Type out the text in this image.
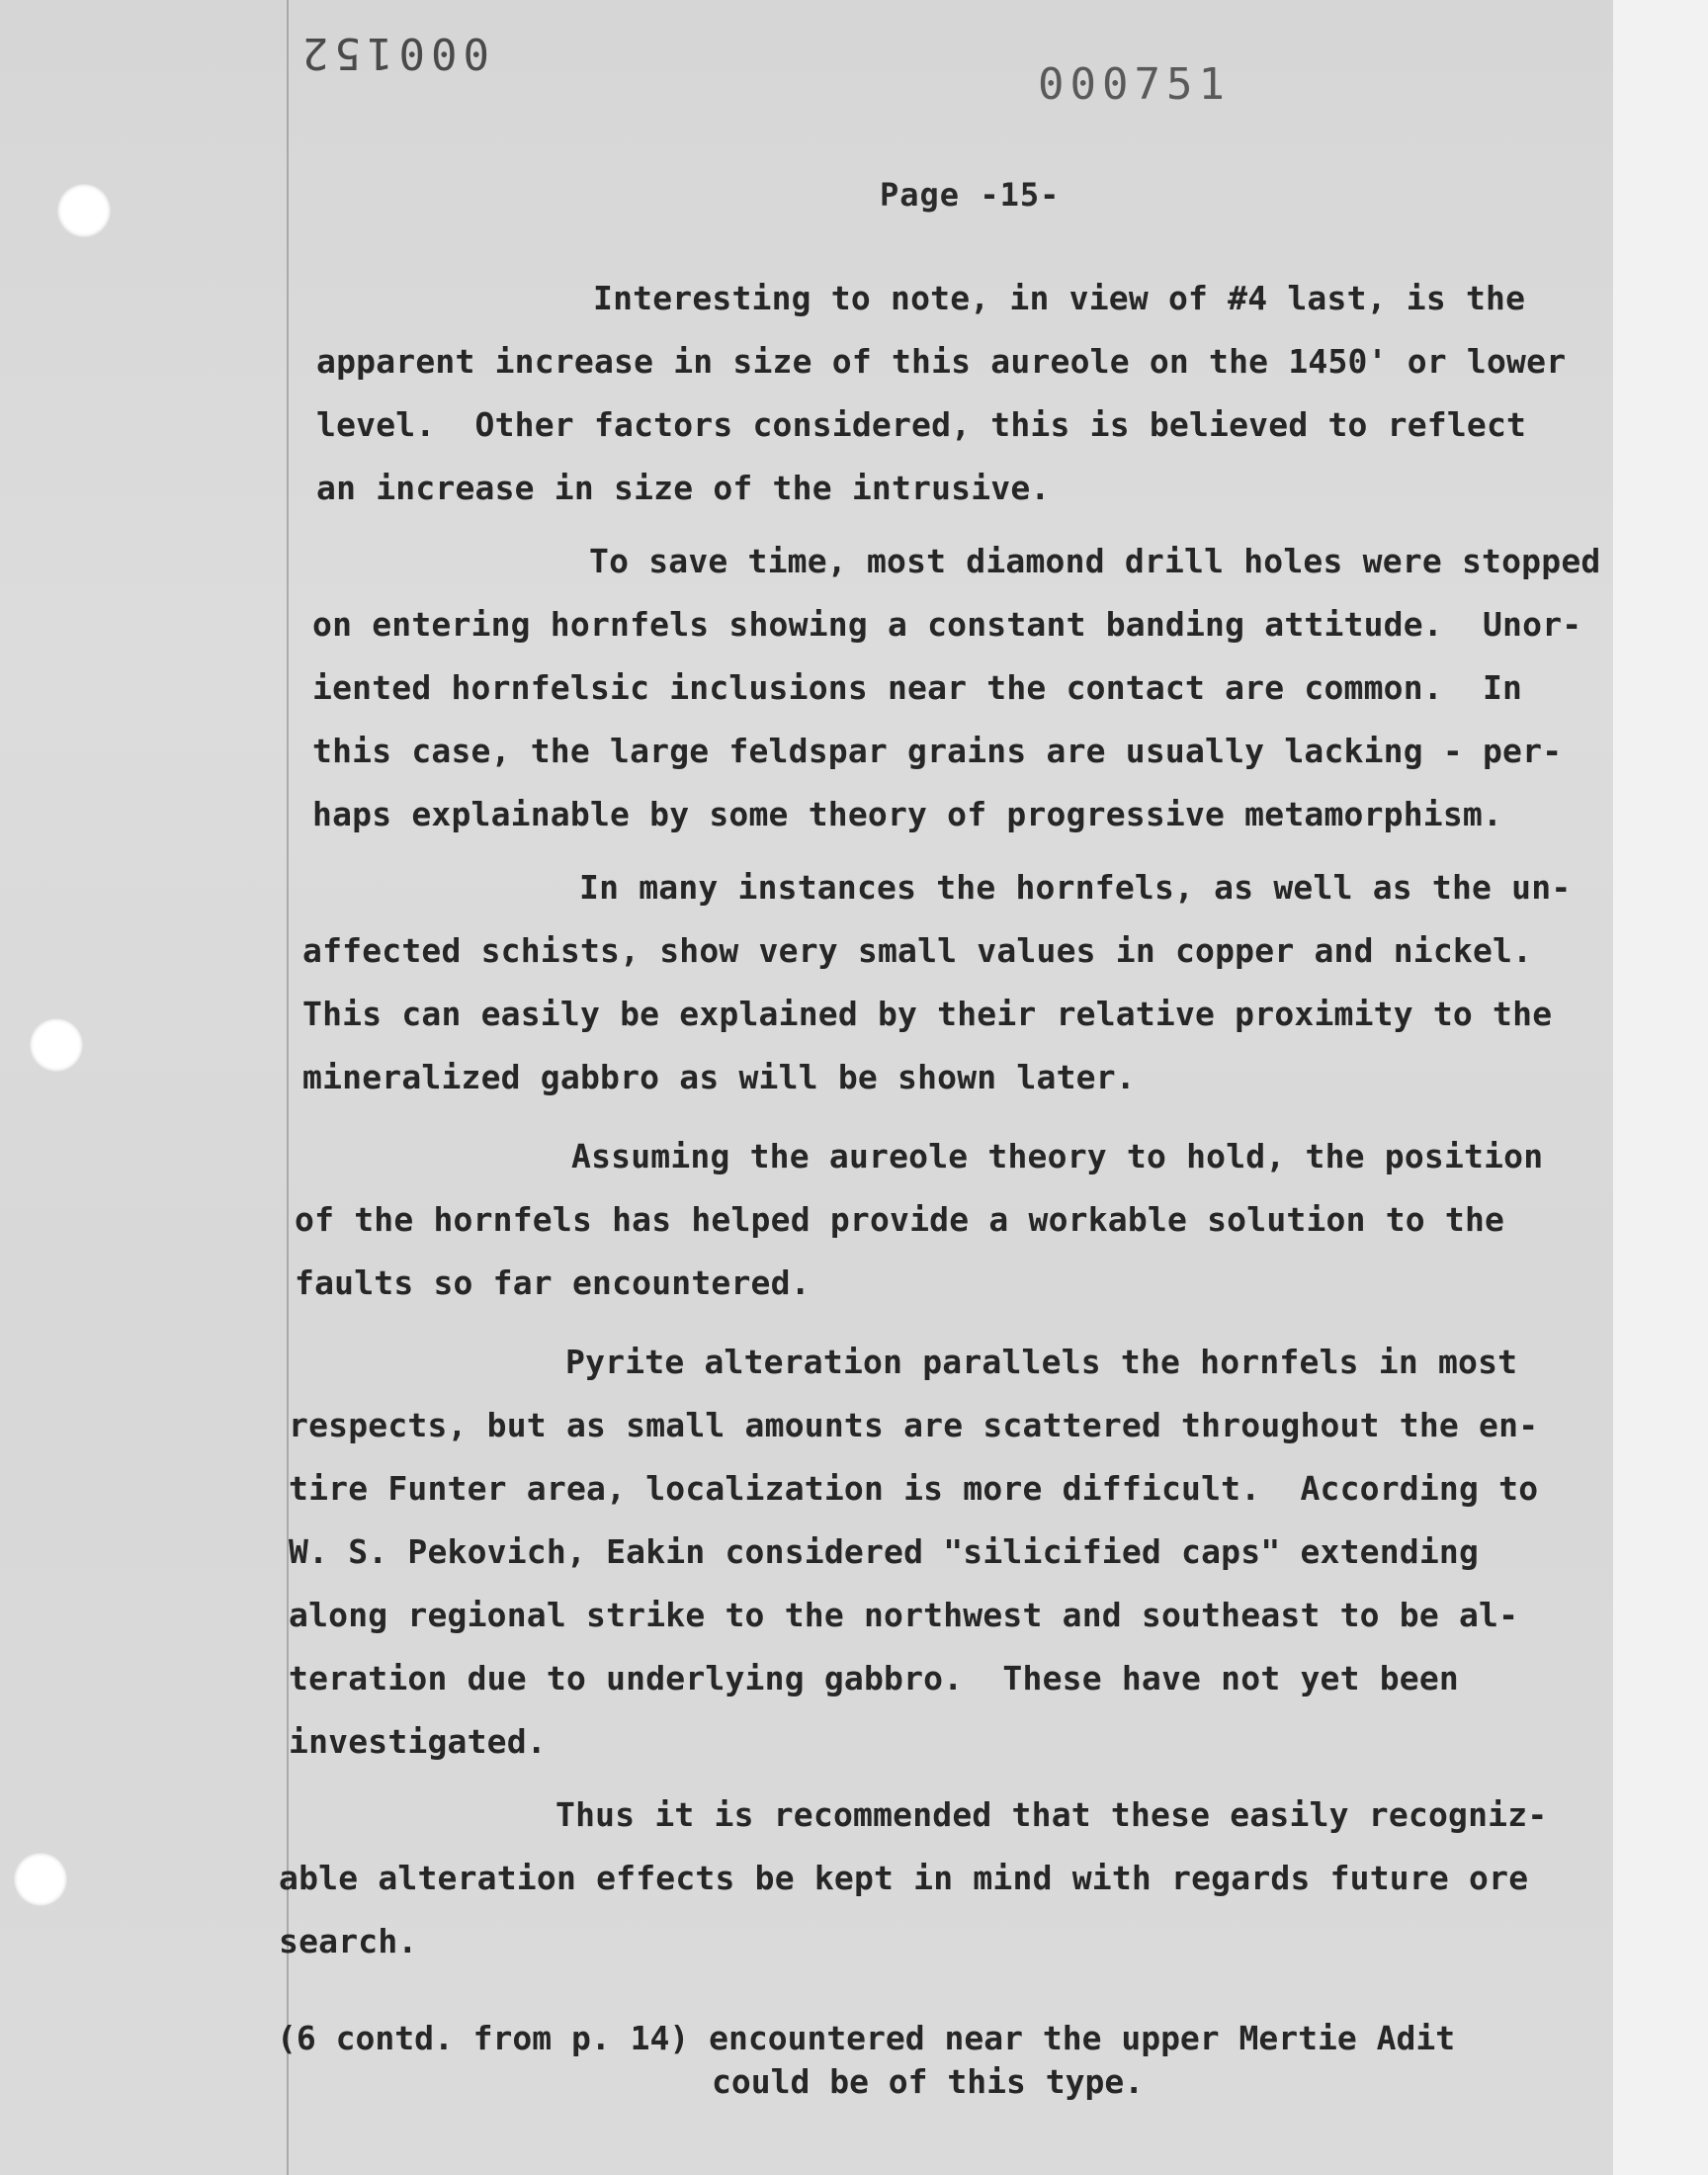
000152
000751
Page -15-
Interesting to note, in view of #4 last, is the
apparent increase in size of this aureole on the 1450' or lower
level.  Other factors considered, this is believed to reflect
an increase in size of the intrusive.
To save time, most diamond drill holes were stopped
on entering hornfels showing a constant banding attitude.  Unor-
iented hornfelsic inclusions near the contact are common.  In
this case, the large feldspar grains are usually lacking - per-
haps explainable by some theory of progressive metamorphism.
In many instances the hornfels, as well as the un-
affected schists, show very small values in copper and nickel.
This can easily be explained by their relative proximity to the
mineralized gabbro as will be shown later.
Assuming the aureole theory to hold, the position
of the hornfels has helped provide a workable solution to the
faults so far encountered.
Pyrite alteration parallels the hornfels in most
respects, but as small amounts are scattered throughout the en-
tire Funter area, localization is more difficult.  According to
W. S. Pekovich, Eakin considered "silicified caps" extending
along regional strike to the northwest and southeast to be al-
teration due to underlying gabbro.  These have not yet been
investigated.
Thus it is recommended that these easily recogniz-
able alteration effects be kept in mind with regards future ore
search.
(6 contd. from p. 14) encountered near the upper Mertie Adit
could be of this type.
